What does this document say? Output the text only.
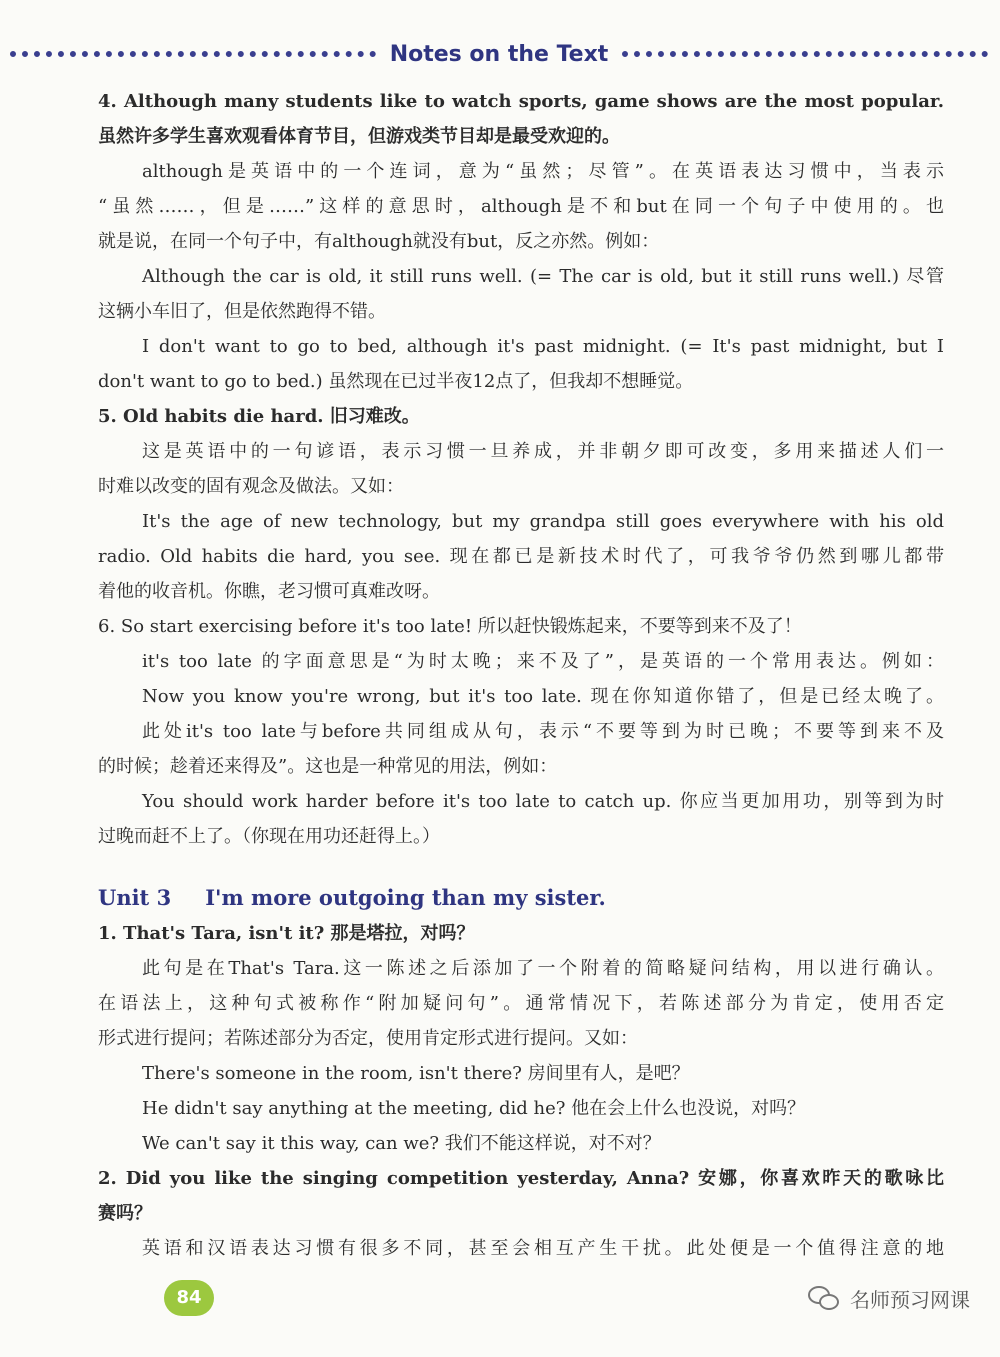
Notes on the Text
4. Although many students like to watch sports, game shows are the most popular.
虽然许多学生喜欢观看体育节目，但游戏类节目却是最受欢迎的。
although是英语中的一个连词，意为“虽然；尽管”。在英语表达习惯中，当表示
“虽然……，但是……”这样的意思时，although是不和but在同一个句子中使用的。也
就是说，在同一个句子中，有although就没有but，反之亦然。例如：
Although the car is old, it still runs well. (= The car is old, but it still runs well.) 尽管
这辆小车旧了，但是依然跑得不错。
I don't want to go to bed, although it's past midnight. (= It's past midnight, but I
don't want to go to bed.) 虽然现在已过半夜12点了，但我却不想睡觉。
5. Old habits die hard. 旧习难改。
这是英语中的一句谚语，表示习惯一旦养成，并非朝夕即可改变，多用来描述人们一
时难以改变的固有观念及做法。又如：
It's the age of new technology, but my grandpa still goes everywhere with his old
radio. Old habits die hard, you see. 现在都已是新技术时代了，可我爷爷仍然到哪儿都带
着他的收音机。你瞧，老习惯可真难改呀。
6. So start exercising before it's too late! 所以赶快锻炼起来，不要等到来不及了！
it's too late 的字面意思是“为时太晚；来不及了”，是英语的一个常用表达。例如：
Now you know you're wrong, but it's too late. 现在你知道你错了，但是已经太晚了。
此处it's too late与before共同组成从句，表示“不要等到为时已晚；不要等到来不及
的时候；趁着还来得及”。这也是一种常见的用法，例如：
You should work harder before it's too late to catch up. 你应当更加用功，别等到为时
过晚而赶不上了。（你现在用功还赶得上。）
Unit 3 I'm more outgoing than my sister.
1. That's Tara, isn't it? 那是塔拉，对吗？
此句是在That's Tara.这一陈述之后添加了一个附着的简略疑问结构，用以进行确认。
在语法上，这种句式被称作“附加疑问句”。通常情况下，若陈述部分为肯定，使用否定
形式进行提问；若陈述部分为否定，使用肯定形式进行提问。又如：
There's someone in the room, isn't there? 房间里有人，是吧？
He didn't say anything at the meeting, did he? 他在会上什么也没说，对吗？
We can't say it this way, can we? 我们不能这样说，对不对？
2. Did you like the singing competition yesterday, Anna? 安娜，你喜欢昨天的歌咏比
赛吗？
英语和汉语表达习惯有很多不同，甚至会相互产生干扰。此处便是一个值得注意的地
84	名师预习网课
